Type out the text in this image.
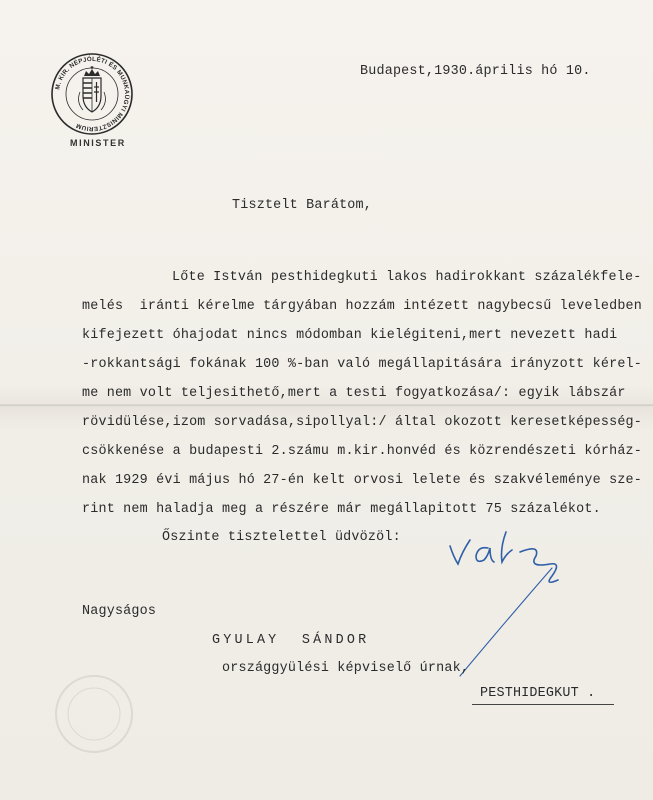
M. KIR. NÉPJÓLÉTI ÉS MUNKAÜGYI MINISZTERIUM
MINISTER
Budapest,1930.április hó 10.
Tisztelt Barátom,
Lőte István pesthidegkuti lakos hadirokkant százalékfele-
melés  iránti kérelme tárgyában hozzám intézett nagybecsű leveledben
kifejezett óhajodat nincs módomban kielégiteni,mert nevezett hadi
-rokkantsági fokának 100 %-ban való megállapitására irányzott kérel-
me nem volt teljesithető,mert a testi fogyatkozása/: egyik lábszár
rövidülése,izom sorvadása,sipollyal:/ által okozott keresetképesség-
csökkenése a budapesti 2.számu m.kir.honvéd és közrendészeti kórház-
nak 1929 évi május hó 27-én kelt orvosi lelete és szakvéleménye sze-
rint nem haladja meg a részére már megállapitott 75 százalékot.
Őszinte tisztelettel üdvözöl:
Nagyságos
GYULAY  SÁNDOR
országgyülési képviselő úrnak,
PESTHIDEGKUT .
